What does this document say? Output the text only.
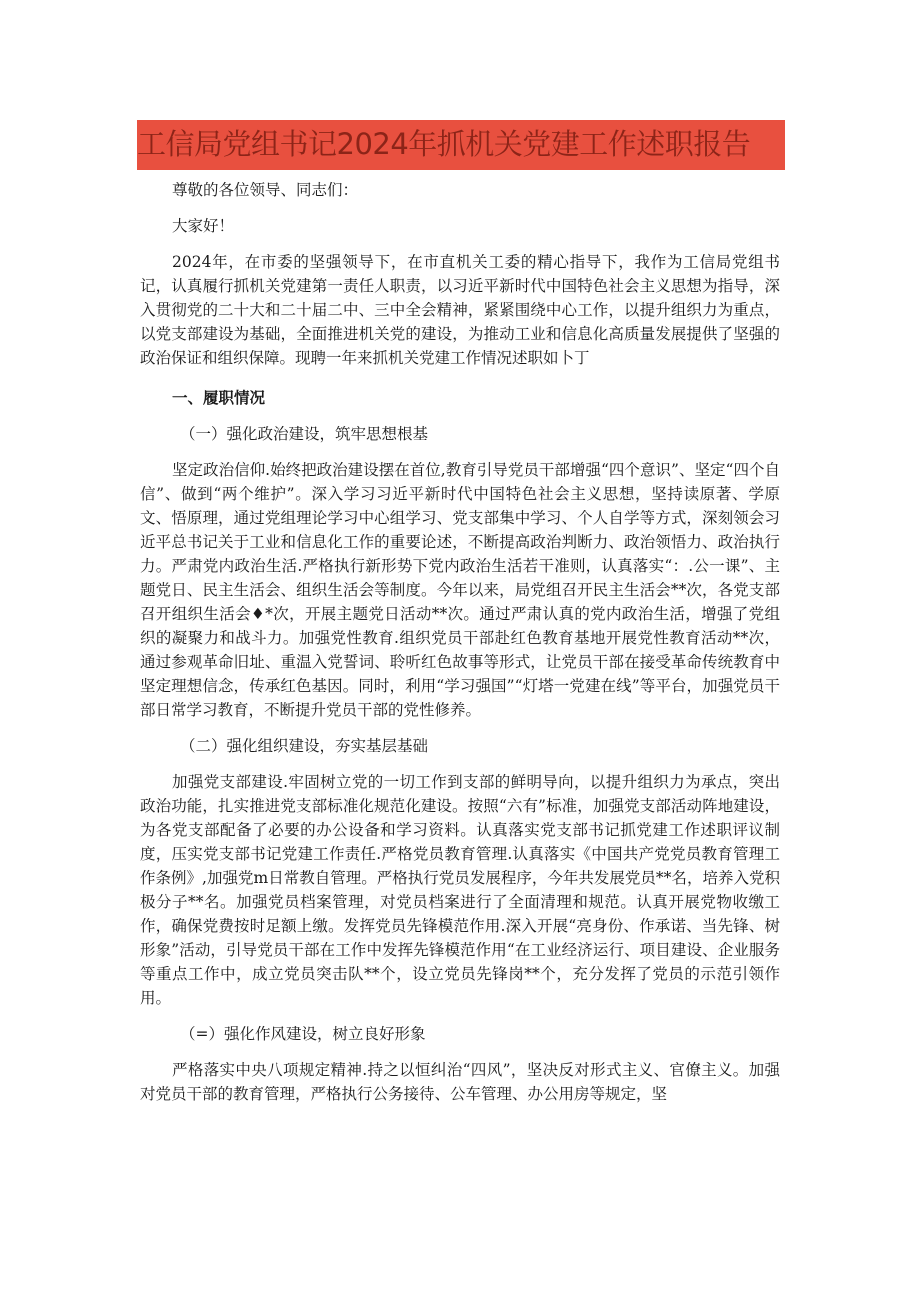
工信局党组书记2024年抓机关党建工作述职报告

尊敬的各位领导、同志们：

大家好！

2024年，在市委的坚强领导下，在市直机关工委的精心指导下，我作为工信局党组书记，认真履行抓机关党建第一责任人职责，以习近平新时代中国特色社会主义思想为指导，深入贯彻党的二十大和二十届二中、三中全会精神，紧紧围绕中心工作，以提升组织力为重点，以党支部建设为基础，全面推进机关党的建设，为推动工业和信息化高质量发展提供了坚强的政治保证和组织保障。现聘一年来抓机关党建工作情况述职如卜丁

一、履职情况

（一）强化政治建设，筑牢思想根基

坚定政治信仰.始终把政治建设摆在首位,教育引导党员干部增强“四个意识”、坚定“四个自信”、做到“两个维护”。深入学习习近平新时代中国特色社会主义思想，坚持读原著、学原文、悟原理，通过党组理论学习中心组学习、党支部集中学习、个人自学等方式，深刻领会习近平总书记关于工业和信息化工作的重要论述，不断提高政治判断力、政治领悟力、政治执行力。严肃党内政治生活.严格执行新形势下党内政治生活若干准则，认真落实“：.公一课”、主题党日、民主生活会、组织生活会等制度。今年以来，局党组召开民主生活会**次，各党支部召开组织生活会♦*次，开展主题党日活动**次。通过严肃认真的党内政治生活，增强了党组织的凝聚力和战斗力。加强党性教育.组织党员干部赴红色教育基地开展党性教育活动**次，通过参观革命旧址、重温入党誓词、聆听红色故事等形式，让党员干部在接受革命传统教育中坚定理想信念，传承红色基因。同时，利用“学习强国”“灯塔一党建在线”等平台，加强党员干部日常学习教育，不断提升党员干部的党性修养。

（二）强化组织建设，夯实基层基础

加强党支部建设.牢固树立党的一切工作到支部的鲜明导向，以提升组织力为承点，突出政治功能，扎实推进党支部标准化规范化建设。按照“六有”标准，加强党支部活动阵地建设，为各党支部配备了必要的办公设备和学习资料。认真落实党支部书记抓党建工作述职评议制度，压实党支部书记党建工作责任.严格党员教育管理.认真落实《中国共产党党员教育管理工作条例》,加强党m日常教自管理。严格执行党员发展程序，今年共发展党员**名，培养入党积极分子**名。加强党员档案管理，对党员档案进行了全面清理和规范。认真开展党物收缴工作，确保党费按时足额上缴。发挥党员先锋模范作用.深入开展“亮身份、作承诺、当先锋、树形象”活动，引导党员干部在工作中发挥先锋模范作用“在工业经济运行、项目建设、企业服务等重点工作中，成立党员突击队**个，设立党员先锋岗**个，充分发挥了党员的示范引领作用。

（=）强化作风建设，树立良好形象

严格落实中央八项规定精神.持之以恒纠治“四风”，坚决反对形式主义、官僚主义。加强对党员干部的教育管理，严格执行公务接待、公车管理、办公用房等规定，坚
